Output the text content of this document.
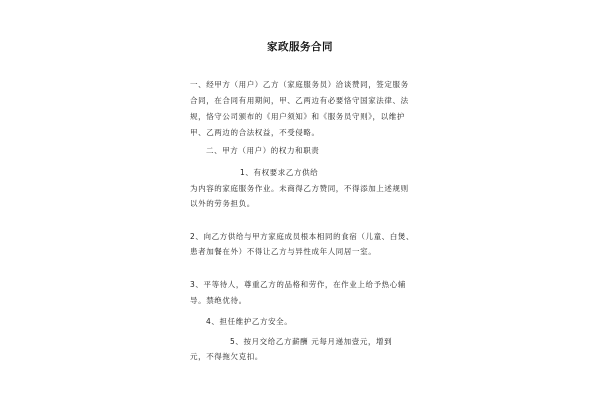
家政服务合同
一、经甲方（用户）乙方（家庭服务员）洽谈赞同，签定服务
合同，在合同有用期间，甲、乙两边有必要恪守国家法律、法
规，恪守公司颁布的《用户须知》和《服务员守则》，以维护
甲、乙两边的合法权益，不受侵略。
二、甲方（用户）的权力和职责
1、有权要求乙方供给
为内容的家庭服务作业。未商得乙方赞同，不得添加上述规则
以外的劳务担负。
2、向乙方供给与甲方家庭成员根本相同的食宿（儿童、白煲、
患者加餐在外）不得让乙方与异性成年人同居一室。
3、平等待人，尊重乙方的品格和劳作，在作业上给予热心辅
导。禁绝优待。
4、担任维护乙方安全。
5、按月交给乙方薪酬 元每月递加壹元，增到
元，不得拖欠克扣。
